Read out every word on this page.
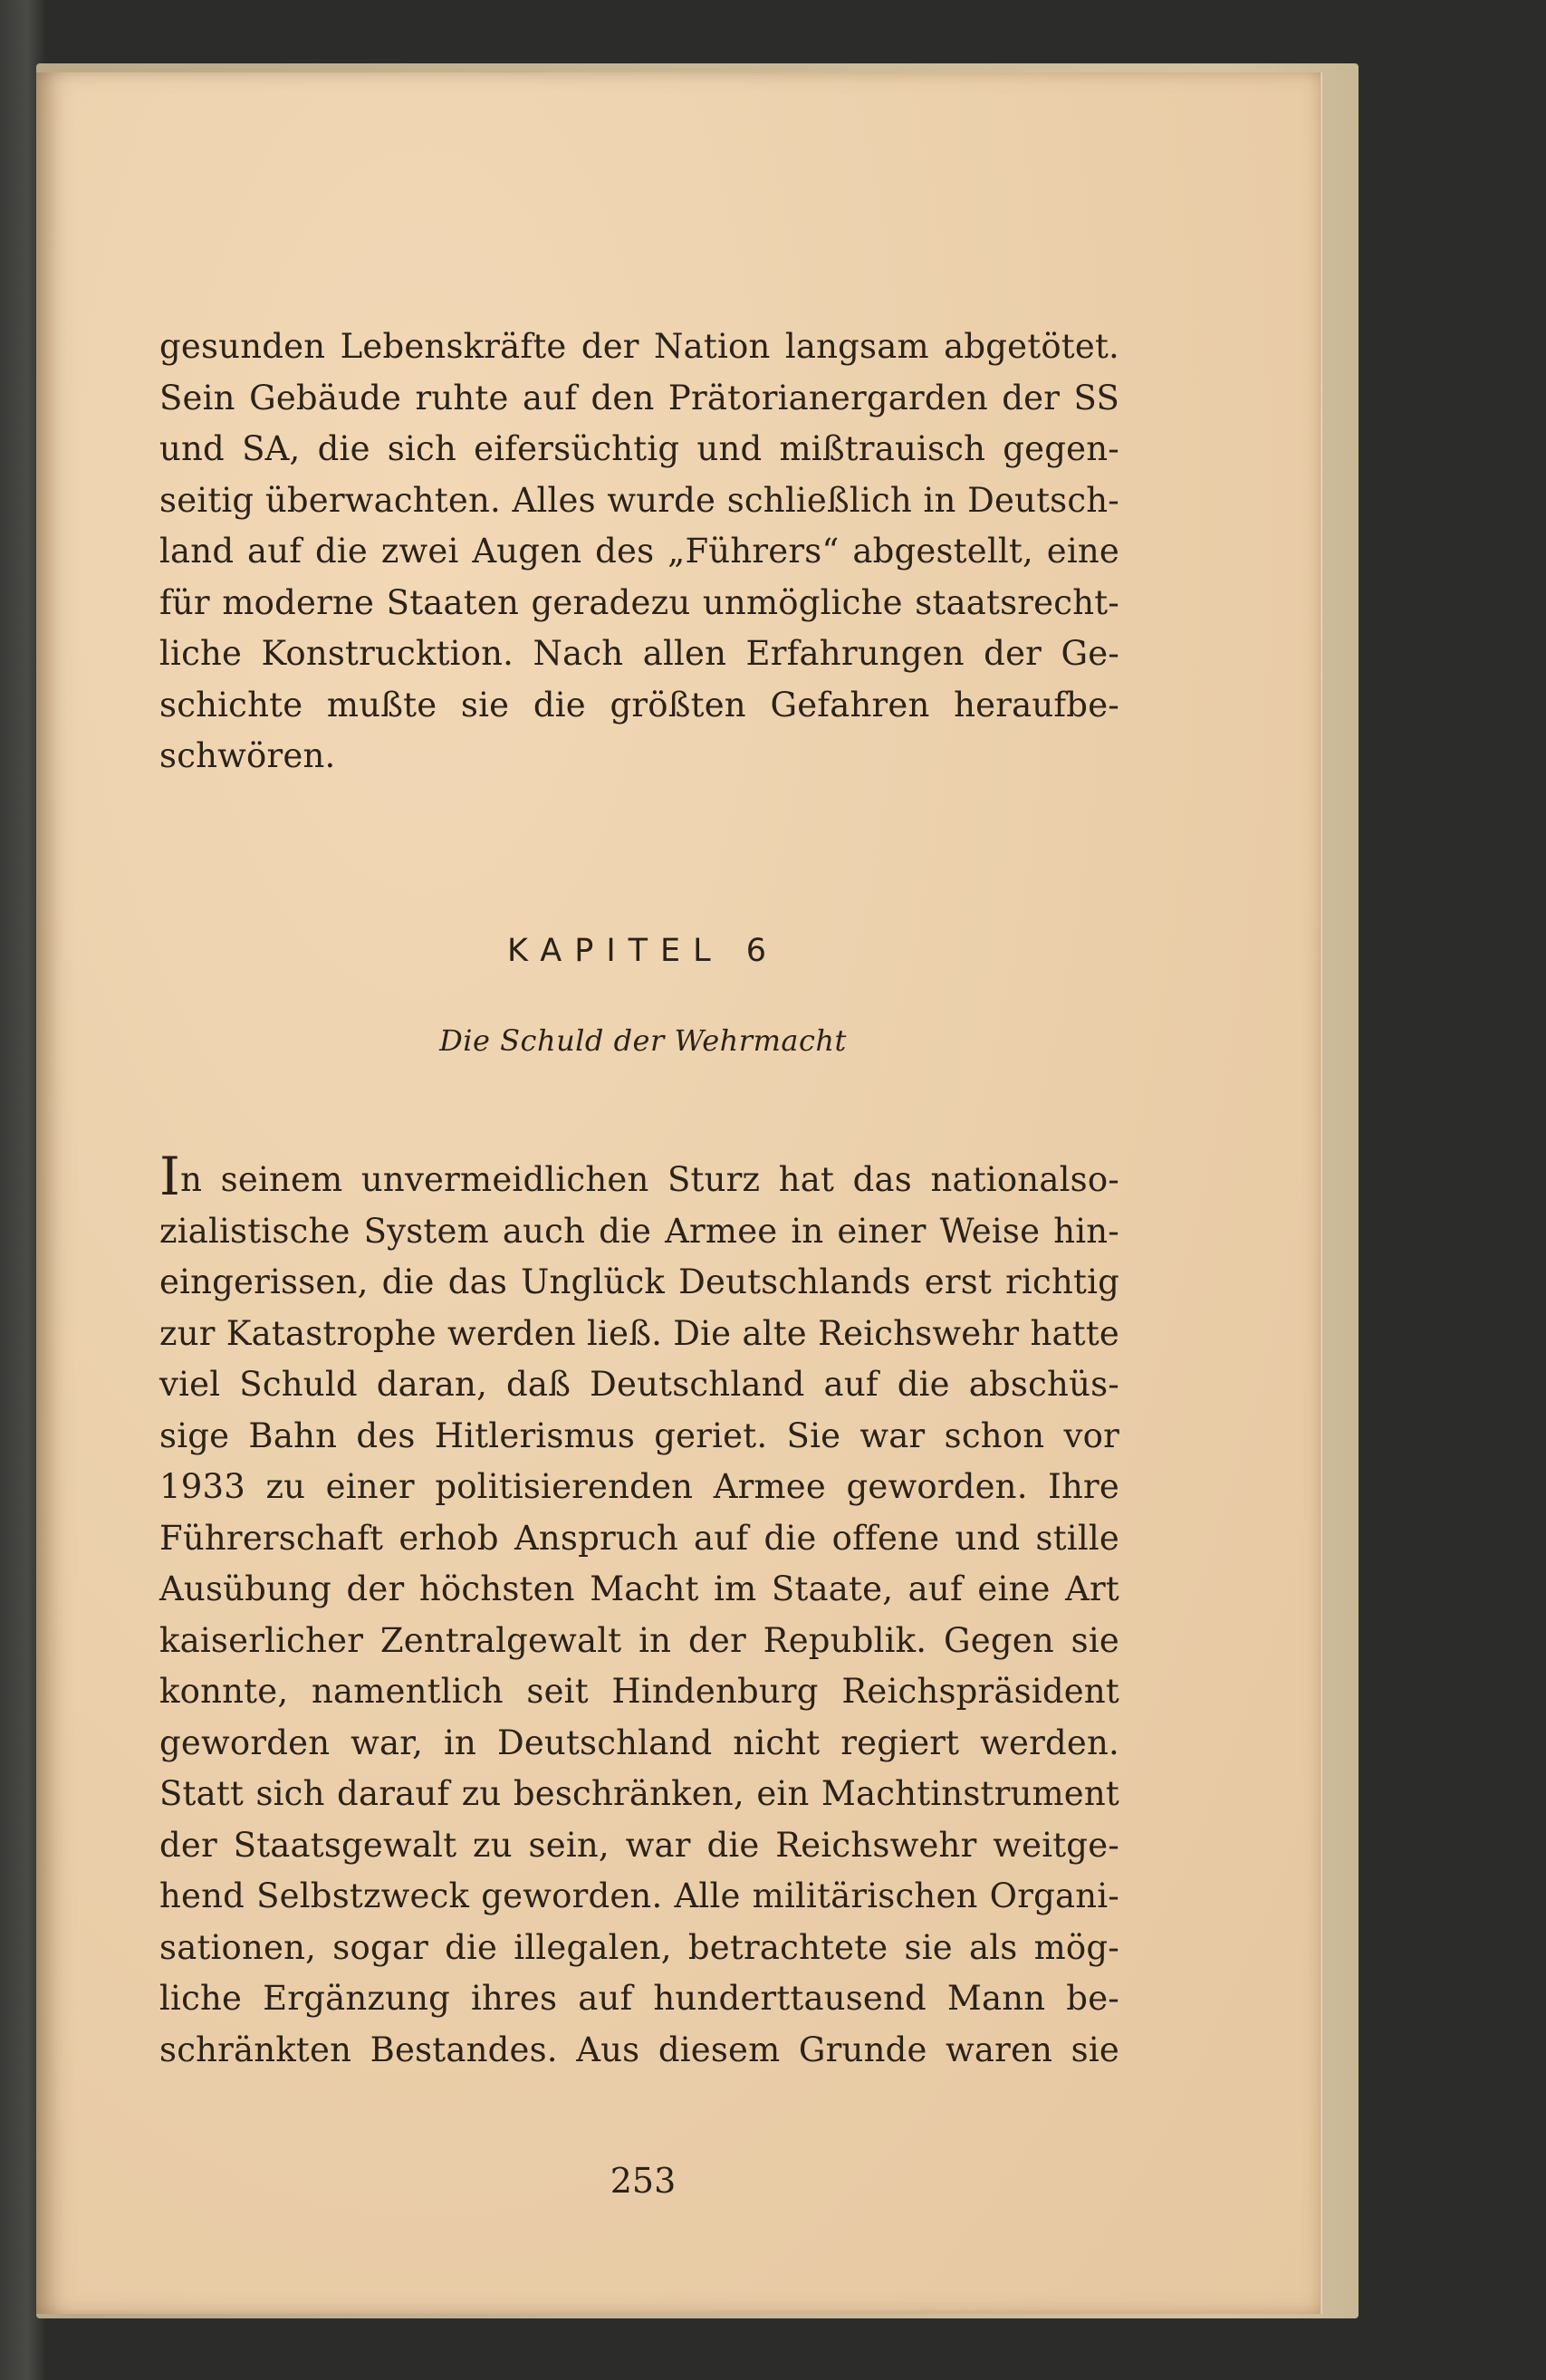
gesunden Lebenskräfte der Nation langsam abgetötet.
Sein Gebäude ruhte auf den Prätorianergarden der SS
und SA, die sich eifersüchtig und mißtrauisch gegen-
seitig überwachten. Alles wurde schließlich in Deutsch-
land auf die zwei Augen des „Führers“ abgestellt, eine
für moderne Staaten geradezu unmögliche staatsrecht-
liche Konstrucktion. Nach allen Erfahrungen der Ge-
schichte mußte sie die größten Gefahren heraufbe-
schwören.
KAPITEL 6
Die Schuld der Wehrmacht
In seinem unvermeidlichen Sturz hat das nationalso-
zialistische System auch die Armee in einer Weise hin-
eingerissen, die das Unglück Deutschlands erst richtig
zur Katastrophe werden ließ. Die alte Reichswehr hatte
viel Schuld daran, daß Deutschland auf die abschüs-
sige Bahn des Hitlerismus geriet. Sie war schon vor
1933 zu einer politisierenden Armee geworden. Ihre
Führerschaft erhob Anspruch auf die offene und stille
Ausübung der höchsten Macht im Staate, auf eine Art
kaiserlicher Zentralgewalt in der Republik. Gegen sie
konnte, namentlich seit Hindenburg Reichspräsident
geworden war, in Deutschland nicht regiert werden.
Statt sich darauf zu beschränken, ein Machtinstrument
der Staatsgewalt zu sein, war die Reichswehr weitge-
hend Selbstzweck geworden. Alle militärischen Organi-
sationen, sogar die illegalen, betrachtete sie als mög-
liche Ergänzung ihres auf hunderttausend Mann be-
schränkten Bestandes. Aus diesem Grunde waren sie
253
